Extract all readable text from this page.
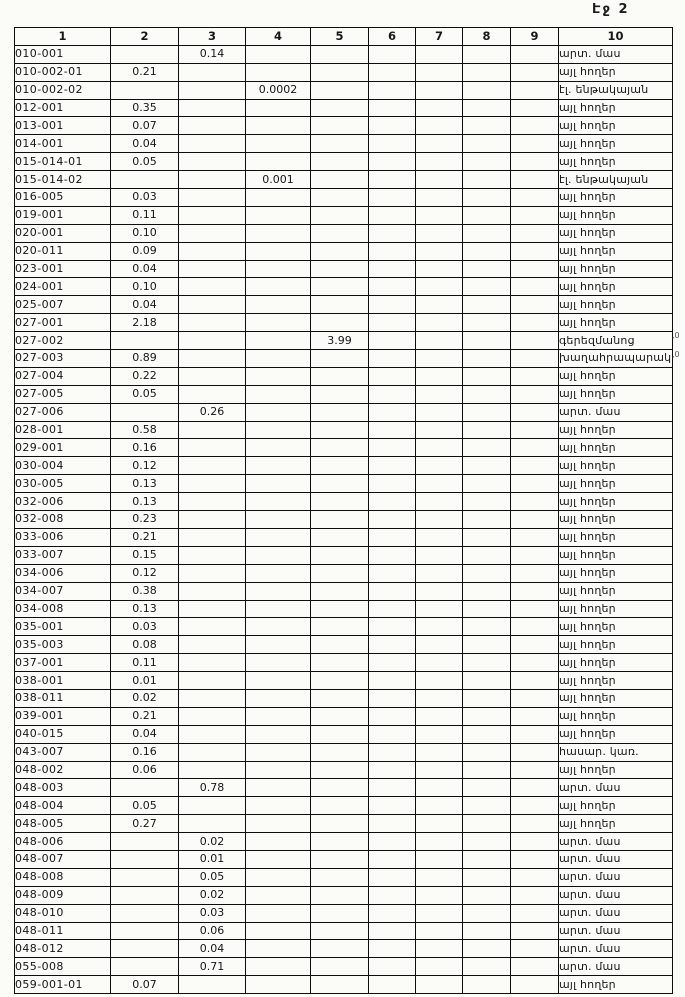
Էջ 2
1	2	3	4	5	6	7	8	9	10
010-001		0.14							արտ. մաս
010-002-01	0.21								այլ հողեր
010-002-02			0.0002						էլ. ենթակայան
012-001	0.35								այլ հողեր
013-001	0.07								այլ հողեր
014-001	0.04								այլ հողեր
015-014-01	0.05								այլ հողեր
015-014-02			0.001						էլ. ենթակայան
016-005	0.03								այլ հողեր
019-001	0.11								այլ հողեր
020-001	0.10								այլ հողեր
020-011	0.09								այլ հողեր
023-001	0.04								այլ հողեր
024-001	0.10								այլ հողեր
025-007	0.04								այլ հողեր
027-001	2.18								այլ հողեր
027-002				3.99					գերեզմանոց
027-003	0.89								խաղահրապարակ
027-004	0.22								այլ հողեր
027-005	0.05								այլ հողեր
027-006		0.26							արտ. մաս
028-001	0.58								այլ հողեր
029-001	0.16								այլ հողեր
030-004	0.12								այլ հողեր
030-005	0.13								այլ հողեր
032-006	0.13								այլ հողեր
032-008	0.23								այլ հողեր
033-006	0.21								այլ հողեր
033-007	0.15								այլ հողեր
034-006	0.12								այլ հողեր
034-007	0.38								այլ հողեր
034-008	0.13								այլ հողեր
035-001	0.03								այլ հողեր
035-003	0.08								այլ հողեր
037-001	0.11								այլ հողեր
038-001	0.01								այլ հողեր
038-011	0.02								այլ հողեր
039-001	0.21								այլ հողեր
040-015	0.04								այլ հողեր
043-007	0.16								հասար. կառ.
048-002	0.06								այլ հողեր
048-003		0.78							արտ. մաս
048-004	0.05								այլ հողեր
048-005	0.27								այլ հողեր
048-006		0.02							արտ. մաս
048-007		0.01							արտ. մաս
048-008		0.05							արտ. մաս
048-009		0.02							արտ. մաս
048-010		0.03							արտ. մաս
048-011		0.06							արտ. մաս
048-012		0.04							արտ. մաս
055-008		0.71							արտ. մաս
059-001-01	0.07								այլ հողեր
,0
,0
